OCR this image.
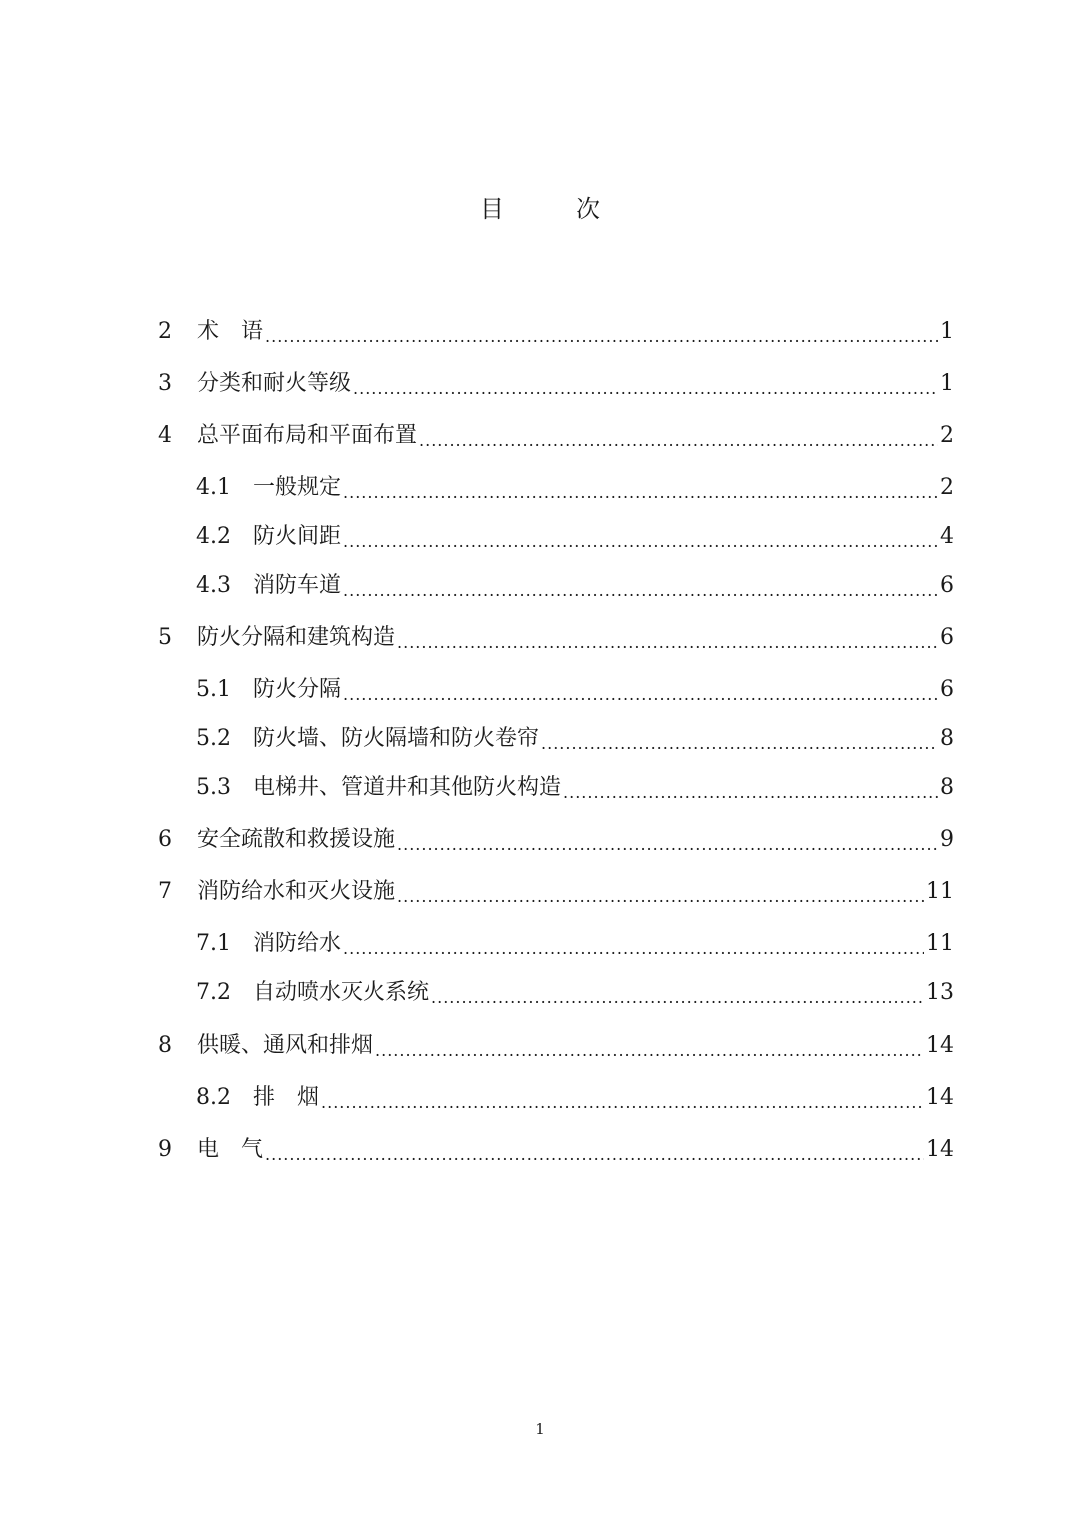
目	次
2	术　语 .....	1
3	分类和耐火等级 .....	1
4	总平面布局和平面布置 .....	2
4.1	一般规定 .....	2
4.2	防火间距 .....	4
4.3	消防车道 .....	6
5	防火分隔和建筑构造 .....	6
5.1	防火分隔 .....	6
5.2	防火墙、防火隔墙和防火卷帘 .....	8
5.3	电梯井、管道井和其他防火构造 .....	8
6	安全疏散和救援设施 .....	9
7	消防给水和灭火设施 .....	11
7.1	消防给水 .....	11
7.2	自动喷水灭火系统 .....	13
8	供暖、通风和排烟 .....	14
8.2	排　烟 .....	14
9	电　气 .....	14
1
